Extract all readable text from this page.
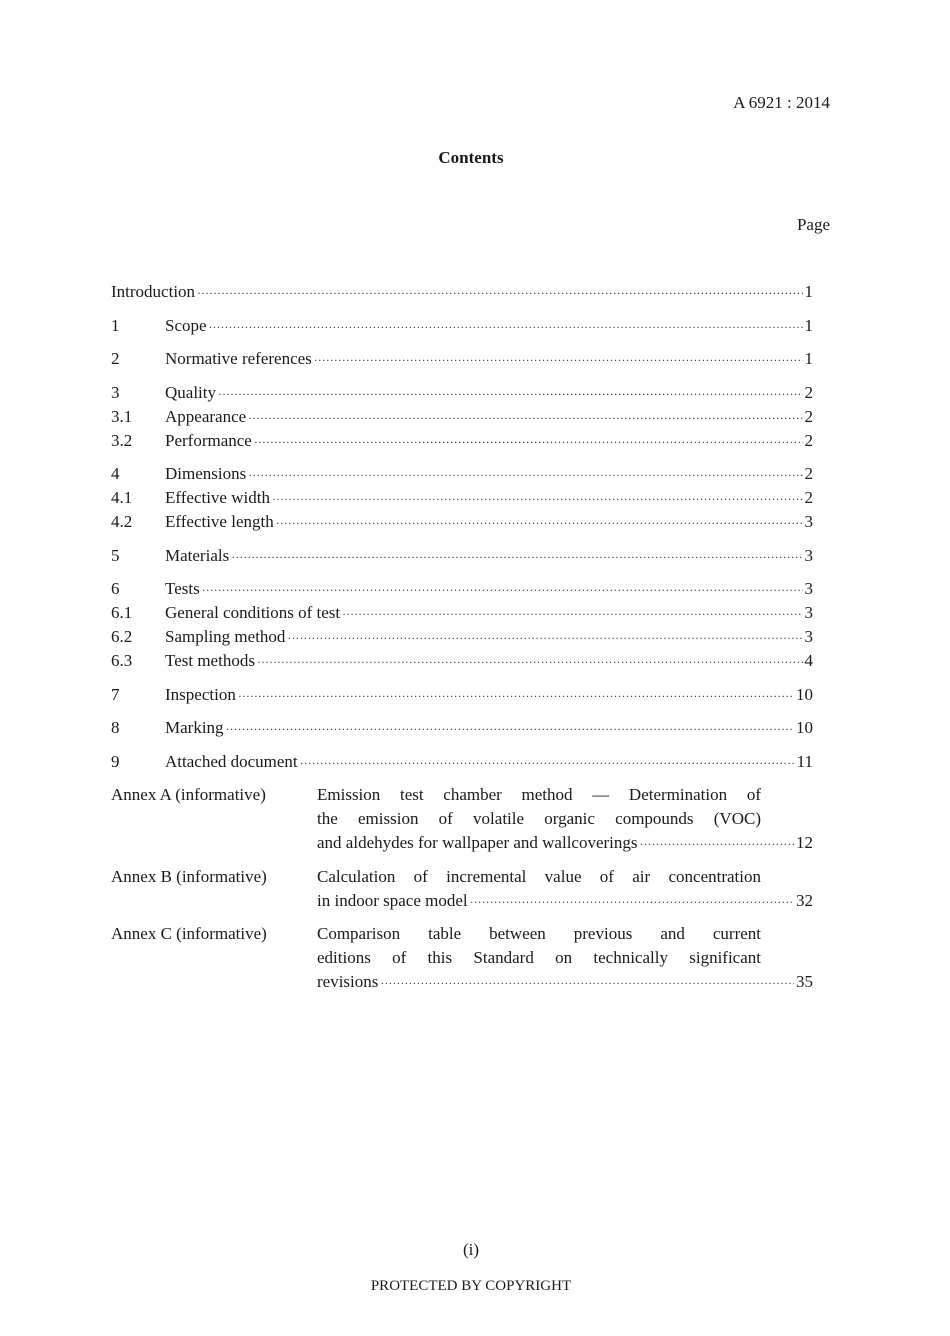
A 6921 : 2014
Contents
Page
Introduction ·····	1
1	Scope ·····	1
2	Normative references ·····	1
3	Quality ·····	2
3.1	Appearance ·····	2
3.2	Performance ·····	2
4	Dimensions ·····	2
4.1	Effective width ·····	2
4.2	Effective length ·····	3
5	Materials ·····	3
6	Tests ·····	3
6.1	General conditions of test ·····	3
6.2	Sampling method ·····	3
6.3	Test methods ·····	4
7	Inspection ·····	10
8	Marking ·····	10
9	Attached document ·····	11
Annex A (informative)	Emission test chamber method — Determination of
the emission of volatile organic compounds (VOC)
and aldehydes for wallpaper and wallcoverings ·····	12
Annex B (informative)	Calculation of incremental value of air concentration
in indoor space model ·····	32
Annex C (informative)	Comparison table between previous and current
editions of this Standard on technically significant
revisions ·····	35
(i)
PROTECTED BY COPYRIGHT
